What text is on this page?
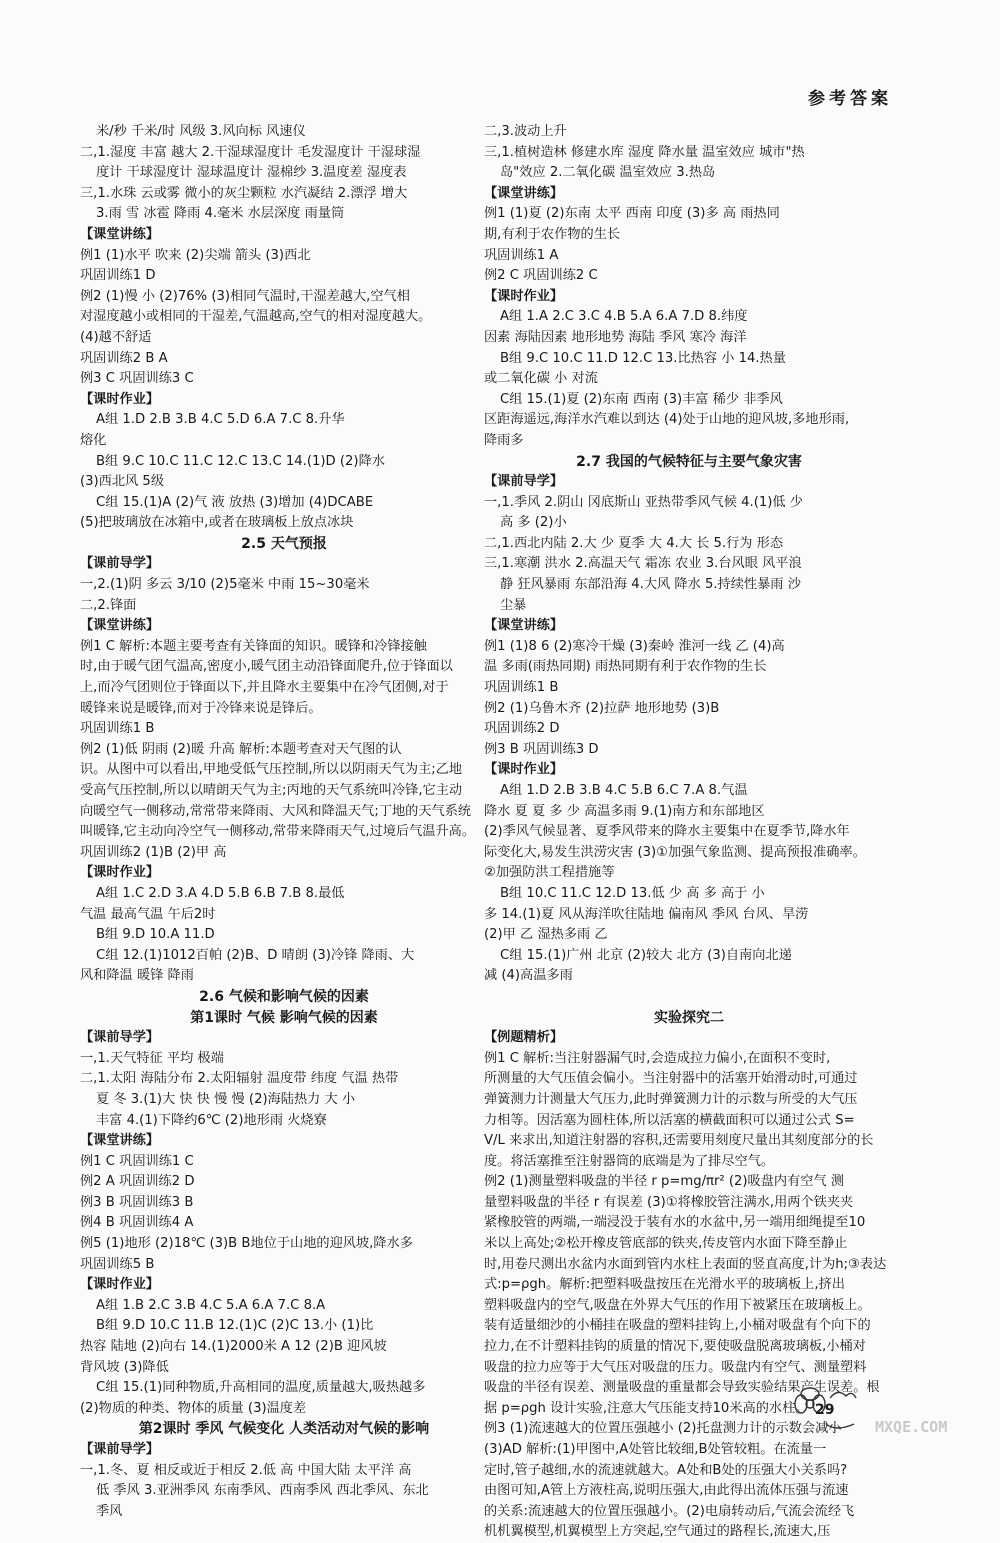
参考答案
米/秒 千米/时 风级 3.风向标 风速仪
二,1.湿度 丰富 越大 2.干湿球湿度计 毛发湿度计 干湿球湿
度计 干球湿度计 湿球温度计 湿棉纱 3.温度差 湿度表
三,1.水珠 云或雾 微小的灰尘颗粒 水汽凝结 2.漂浮 增大
3.雨 雪 冰雹 降雨 4.毫米 水层深度 雨量筒
【课堂讲练】
例1 (1)水平 吹来 (2)尖端 箭头 (3)西北
巩固训练1 D
例2 (1)慢 小 (2)76% (3)相同气温时,干湿差越大,空气相
对湿度越小或相同的干湿差,气温越高,空气的相对湿度越大。
(4)越不舒适
巩固训练2 B A
例3 C 巩固训练3 C
【课时作业】
A组 1.D 2.B 3.B 4.C 5.D 6.A 7.C 8.升华
熔化
B组 9.C 10.C 11.C 12.C 13.C 14.(1)D (2)降水
(3)西北风 5级
C组 15.(1)A (2)气 液 放热 (3)增加 (4)DCABE
(5)把玻璃放在冰箱中,或者在玻璃板上放点冰块
2.5 天气预报
【课前导学】
一,2.(1)阴 多云 3/10 (2)5毫米 中雨 15~30毫米
二,2.锋面
【课堂讲练】
例1 C 解析:本题主要考查有关锋面的知识。暖锋和冷锋接触
时,由于暖气团气温高,密度小,暖气团主动沿锋面爬升,位于锋面以
上,而冷气团则位于锋面以下,并且降水主要集中在冷气团侧,对于
暖锋来说是暖锋,而对于冷锋来说是锋后。
巩固训练1 B
例2 (1)低 阴雨 (2)暖 升高 解析:本题考查对天气图的认
识。从图中可以看出,甲地受低气压控制,所以以阴雨天气为主;乙地
受高气压控制,所以以晴朗天气为主;丙地的天气系统叫冷锋,它主动
向暖空气一侧移动,常常带来降雨、大风和降温天气;丁地的天气系统
叫暖锋,它主动向冷空气一侧移动,常带来降雨天气,过境后气温升高。
巩固训练2 (1)B (2)甲 高
【课时作业】
A组 1.C 2.D 3.A 4.D 5.B 6.B 7.B 8.最低
气温 最高气温 午后2时
B组 9.D 10.A 11.D
C组 12.(1)1012百帕 (2)B、D 晴朗 (3)冷锋 降雨、大
风和降温 暖锋 降雨
2.6 气候和影响气候的因素
第1课时 气候 影响气候的因素
【课前导学】
一,1.天气特征 平均 极端
二,1.太阳 海陆分布 2.太阳辐射 温度带 纬度 气温 热带
夏 冬 3.(1)大 快 快 慢 慢 (2)海陆热力 大 小
丰富 4.(1)下降约6℃ (2)地形雨 火烧寮
【课堂讲练】
例1 C 巩固训练1 C
例2 A 巩固训练2 D
例3 B 巩固训练3 B
例4 B 巩固训练4 A
例5 (1)地形 (2)18℃ (3)B B地位于山地的迎风坡,降水多
巩固训练5 B
【课时作业】
A组 1.B 2.C 3.B 4.C 5.A 6.A 7.C 8.A
B组 9.D 10.C 11.B 12.(1)C (2)C 13.小 (1)比
热容 陆地 (2)向右 14.(1)2000米 A 12 (2)B 迎风坡
背风坡 (3)降低
C组 15.(1)同种物质,升高相同的温度,质量越大,吸热越多
(2)物质的种类、物体的质量 (3)温度差
第2课时 季风 气候变化 人类活动对气候的影响
【课前导学】
一,1.冬、夏 相反或近于相反 2.低 高 中国大陆 太平洋 高
低 季风 3.亚洲季风 东南季风、西南季风 西北季风、东北
季风
二,3.波动上升
三,1.植树造林 修建水库 湿度 降水量 温室效应 城市"热
岛"效应 2.二氧化碳 温室效应 3.热岛
【课堂讲练】
例1 (1)夏 (2)东南 太平 西南 印度 (3)多 高 雨热同
期,有利于农作物的生长
巩固训练1 A
例2 C 巩固训练2 C
【课时作业】
A组 1.A 2.C 3.C 4.B 5.A 6.A 7.D 8.纬度
因素 海陆因素 地形地势 海陆 季风 寒冷 海洋
B组 9.C 10.C 11.D 12.C 13.比热容 小 14.热量
或二氧化碳 小 对流
C组 15.(1)夏 (2)东南 西南 (3)丰富 稀少 非季风
区距海遥远,海洋水汽难以到达 (4)处于山地的迎风坡,多地形雨,
降雨多
2.7 我国的气候特征与主要气象灾害
【课前导学】
一,1.季风 2.阴山 冈底斯山 亚热带季风气候 4.(1)低 少
高 多 (2)小
二,1.西北内陆 2.大 少 夏季 大 4.大 长 5.行为 形态
三,1.寒潮 洪水 2.高温天气 霜冻 农业 3.台风眼 风平浪
静 狂风暴雨 东部沿海 4.大风 降水 5.持续性暴雨 沙
尘暴
【课堂讲练】
例1 (1)8 6 (2)寒冷干燥 (3)秦岭 淮河一线 乙 (4)高
温 多雨(雨热同期) 雨热同期有利于农作物的生长
巩固训练1 B
例2 (1)乌鲁木齐 (2)拉萨 地形地势 (3)B
巩固训练2 D
例3 B 巩固训练3 D
【课时作业】
A组 1.D 2.B 3.B 4.C 5.B 6.C 7.A 8.气温
降水 夏 夏 多 少 高温多雨 9.(1)南方和东部地区
(2)季风气候显著、夏季风带来的降水主要集中在夏季节,降水年
际变化大,易发生洪涝灾害 (3)①加强气象监测、提高预报准确率。
②加强防洪工程措施等
B组 10.C 11.C 12.D 13.低 少 高 多 高于 小
多 14.(1)夏 风从海洋吹往陆地 偏南风 季风 台风、旱涝
(2)甲 乙 湿热多雨 乙
C组 15.(1)广州 北京 (2)较大 北方 (3)自南向北递
减 (4)高温多雨

实验探究二
【例题精析】
例1 C 解析:当注射器漏气时,会造成拉力偏小,在面积不变时,
所测量的大气压值会偏小。当注射器中的活塞开始滑动时,可通过
弹簧测力计测量大气压力,此时弹簧测力计的示数与所受的大气压
力相等。因活塞为圆柱体,所以活塞的横截面积可以通过公式 S=
V/L 来求出,知道注射器的容积,还需要用刻度尺量出其刻度部分的长
度。将活塞推至注射器筒的底端是为了排尽空气。
例2 (1)测量塑料吸盘的半径 r p=mg/πr² (2)吸盘内有空气 测
量塑料吸盘的半径 r 有误差 (3)①将橡胶管注满水,用两个铁夹夹
紧橡胶管的两端,一端浸没于装有水的水盆中,另一端用细绳提至10
米以上高处;②松开橡皮管底部的铁夹,传皮管内水面下降至静止
时,用卷尺测出水盆内水面到管内水柱上表面的竖直高度,计为h;③表达
式:p=ρgh。解析:把塑料吸盘按压在光滑水平的玻璃板上,挤出
塑料吸盘内的空气,吸盘在外界大气压的作用下被紧压在玻璃板上。
装有适量细沙的小桶挂在吸盘的塑料挂钩上,小桶对吸盘有个向下的
拉力,在不计塑料挂钩的质量的情况下,要使吸盘脱离玻璃板,小桶对
吸盘的拉力应等于大气压对吸盘的压力。吸盘内有空气、测量塑料
吸盘的半径有误差、测量吸盘的重量都会导致实验结果产生误差。根
据 p=ρgh 设计实验,注意大气压能支持10米高的水柱。
例3 (1)流速越大的位置压强越小 (2)托盘测力计的示数会减小
(3)AD 解析:(1)甲图中,A处管比较细,B处管较粗。在流量一
定时,管子越细,水的流速就越大。A处和B处的压强大小关系吗?
由图可知,A管上方液柱高,说明压强大,由此得出流体压强与流速
的关系:流速越大的位置压强越小。(2)电扇转动后,气流会流经飞
机机翼模型,机翼模型上方突起,空气通过的路程长,流速大,压
29
MXQE.COM
